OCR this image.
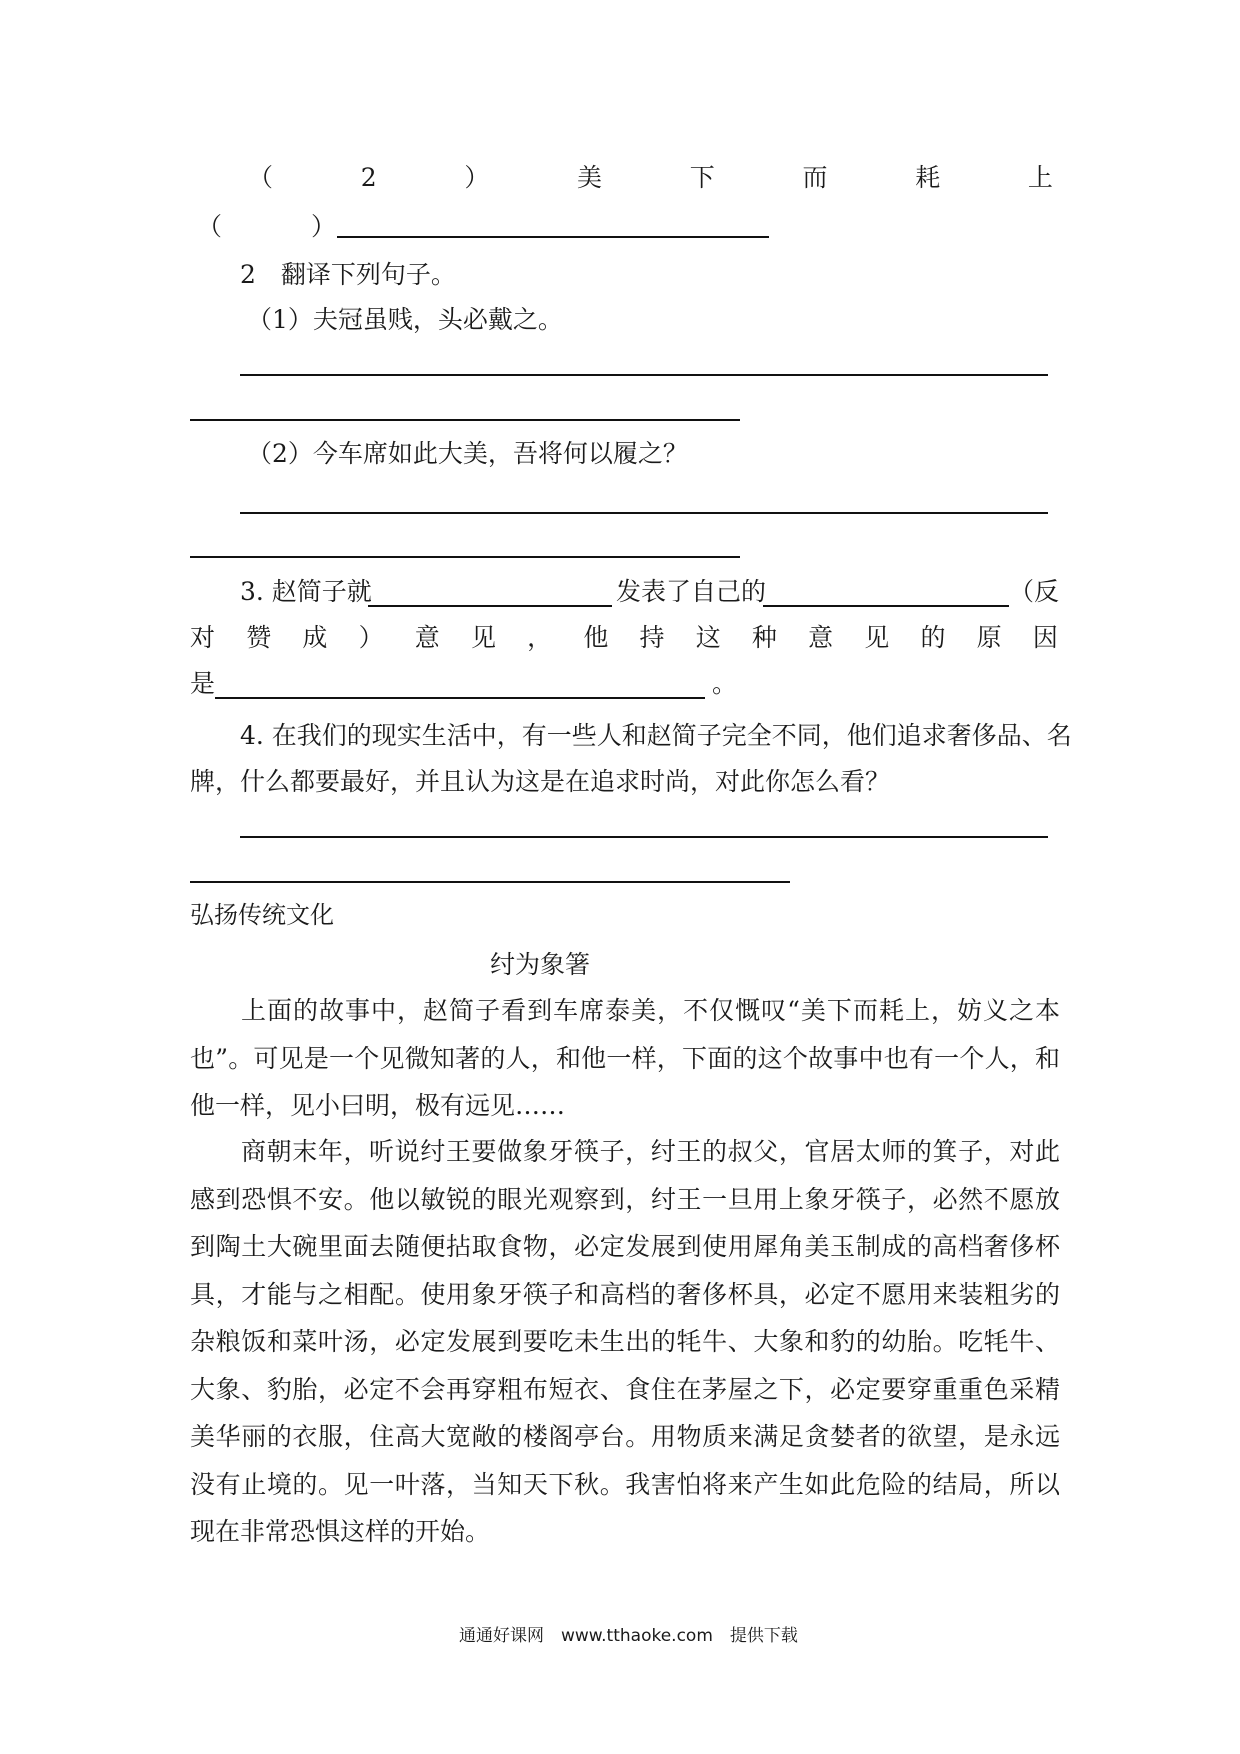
（	2	）	美	下	而	耗	上
（	）
2　翻译下列句子。
（1）夫冠虽贱，头必戴之。
（2）今车席如此大美，吾将何以履之？
3. 赵简子就	发表了自己的	（反
对 赞 成 ） 意 见 ， 他 持 这 种 意 见 的 原 因
是	。
4. 在我们的现实生活中，有一些人和赵简子完全不同，他们追求奢侈品、名
牌，什么都要最好，并且认为这是在追求时尚，对此你怎么看？
弘扬传统文化
纣为象箸
上面的故事中，赵简子看到车席泰美，不仅慨叹“美下而耗上，妨义之本也”。可见是一个见微知著的人，和他一样，下面的这个故事中也有一个人，和他一样，见小曰明，极有远见……
商朝末年，听说纣王要做象牙筷子，纣王的叔父，官居太师的箕子，对此感到恐惧不安。他以敏锐的眼光观察到，纣王一旦用上象牙筷子，必然不愿放到陶土大碗里面去随便拈取食物，必定发展到使用犀角美玉制成的高档奢侈杯具，才能与之相配。使用象牙筷子和高档的奢侈杯具，必定不愿用来装粗劣的杂粮饭和菜叶汤，必定发展到要吃未生出的牦牛、大象和豹的幼胎。吃牦牛、大象、豹胎，必定不会再穿粗布短衣、食住在茅屋之下，必定要穿重重色采精美华丽的衣服，住高大宽敞的楼阁亭台。用物质来满足贪婪者的欲望，是永远没有止境的。见一叶落，当知天下秋。我害怕将来产生如此危险的结局，所以现在非常恐惧这样的开始。
通通好课网　www.tthaoke.com　提供下载
